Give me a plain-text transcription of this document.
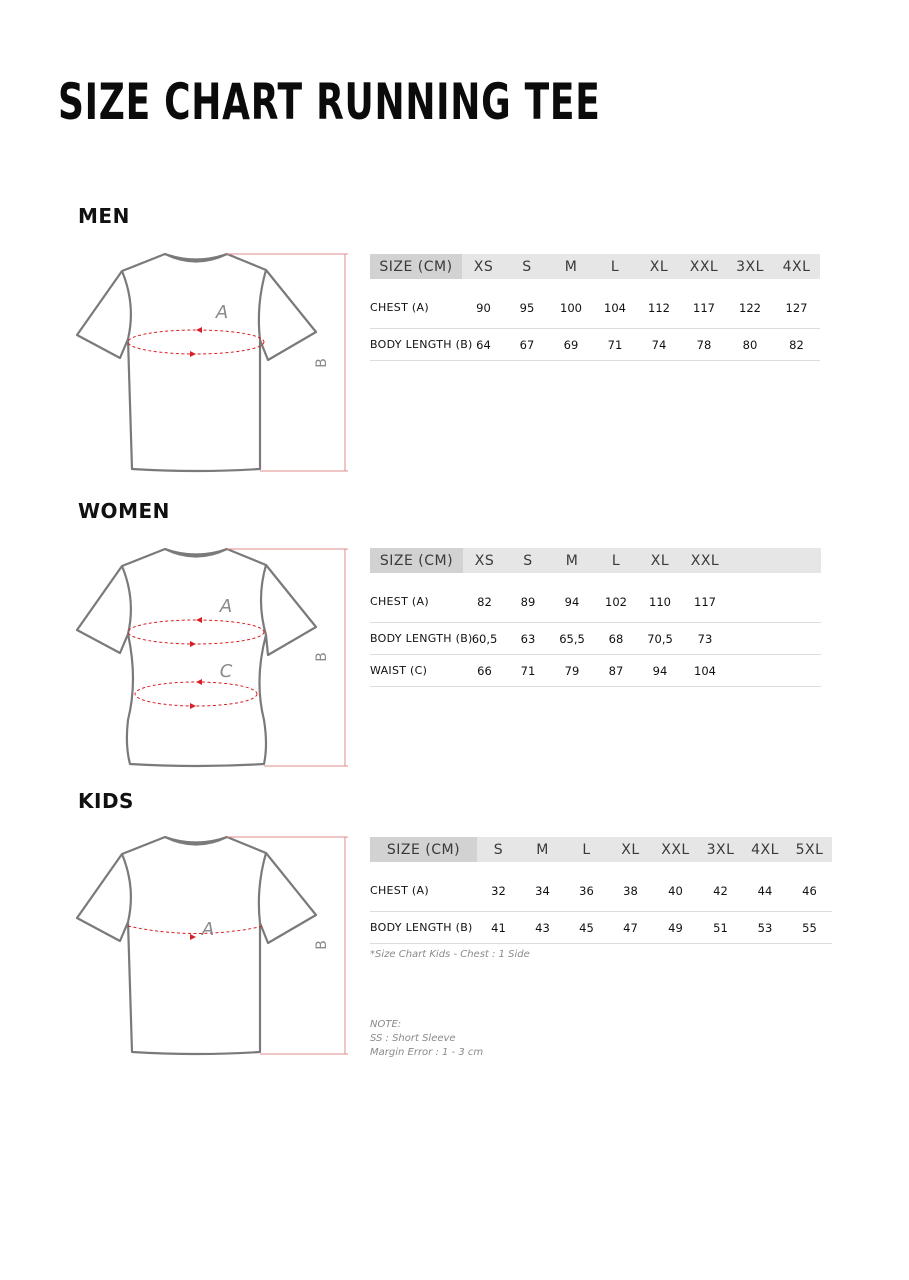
SIZE CHART RUNNING TEE
MEN
A
B
SIZE (CM)	XS	S	M	L	XL	XXL	3XL	4XL
CHEST (A)	90	95	100	104	112	117	122	127
BODY LENGTH (B)	64	67	69	71	74	78	80	82
WOMEN
A
C
B
SIZE (CM)	XS	S	M	L	XL	XXL	
CHEST (A)	82	89	94	102	110	117	
BODY LENGTH (B)	60,5	63	65,5	68	70,5	73	
WAIST (C)	66	71	79	87	94	104	
KIDS
A
B
SIZE (CM)	S	M	L	XL	XXL	3XL	4XL	5XL
CHEST (A)	32	34	36	38	40	42	44	46
BODY LENGTH (B)	41	43	45	47	49	51	53	55

*Size Chart Kids - Chest : 1 Side

NOTE:
SS : Short Sleeve
Margin Error : 1 - 3 cm
